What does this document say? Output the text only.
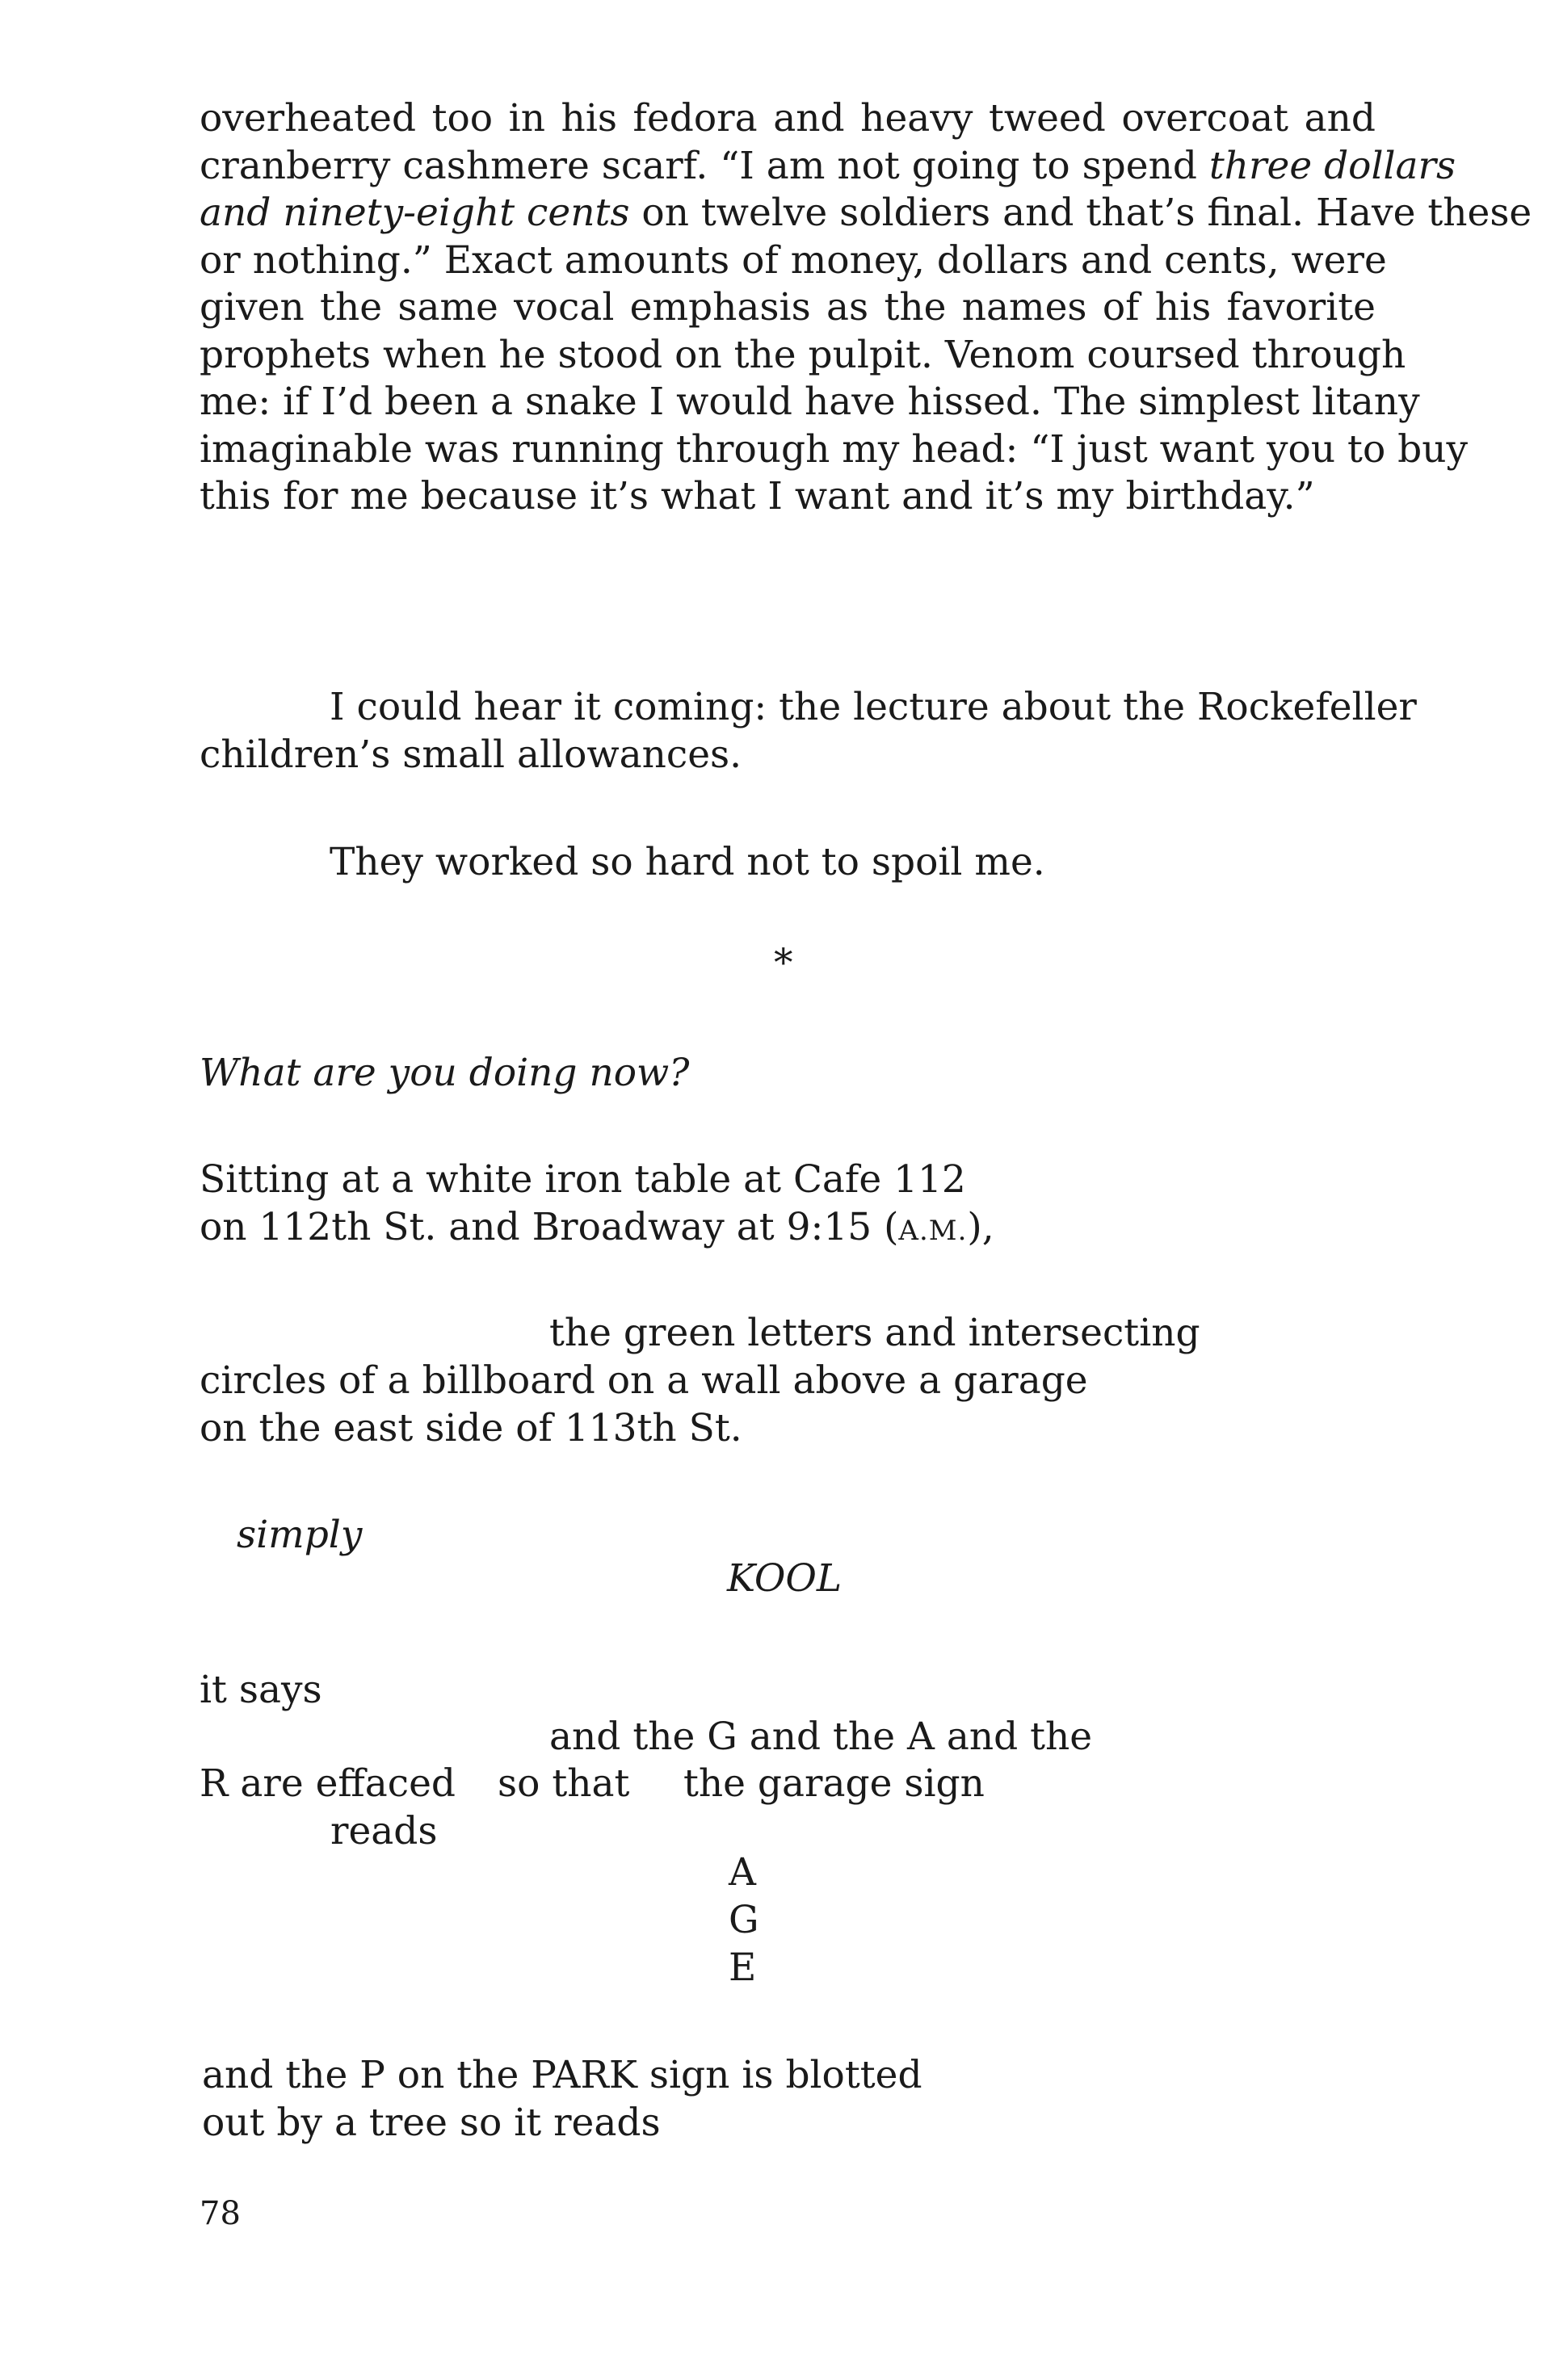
overheated too in his fedora and heavy tweed overcoat and
cranberry cashmere scarf. “I am not going to spend three dollars
and ninety-eight cents on twelve soldiers and that’s final. Have these
or nothing.” Exact amounts of money, dollars and cents, were
given the same vocal emphasis as the names of his favorite
prophets when he stood on the pulpit. Venom coursed through
me: if I’d been a snake I would have hissed. The simplest litany
imaginable was running through my head: “I just want you to buy
this for me because it’s what I want and it’s my birthday.”
I could hear it coming: the lecture about the Rockefeller
children’s small allowances.
They worked so hard not to spoil me.
*
What are you doing now?
Sitting at a white iron table at Cafe 112
on 112th St. and Broadway at 9:15 (A.M.),
the green letters and intersecting
circles of a billboard on a wall above a garage
on the east side of 113th St.
simply
KOOL
it says
and the G and the A and the
R are effaced so that the garage sign
reads
A
G
E
and the P on the PARK sign is blotted
out by a tree so it reads
78
